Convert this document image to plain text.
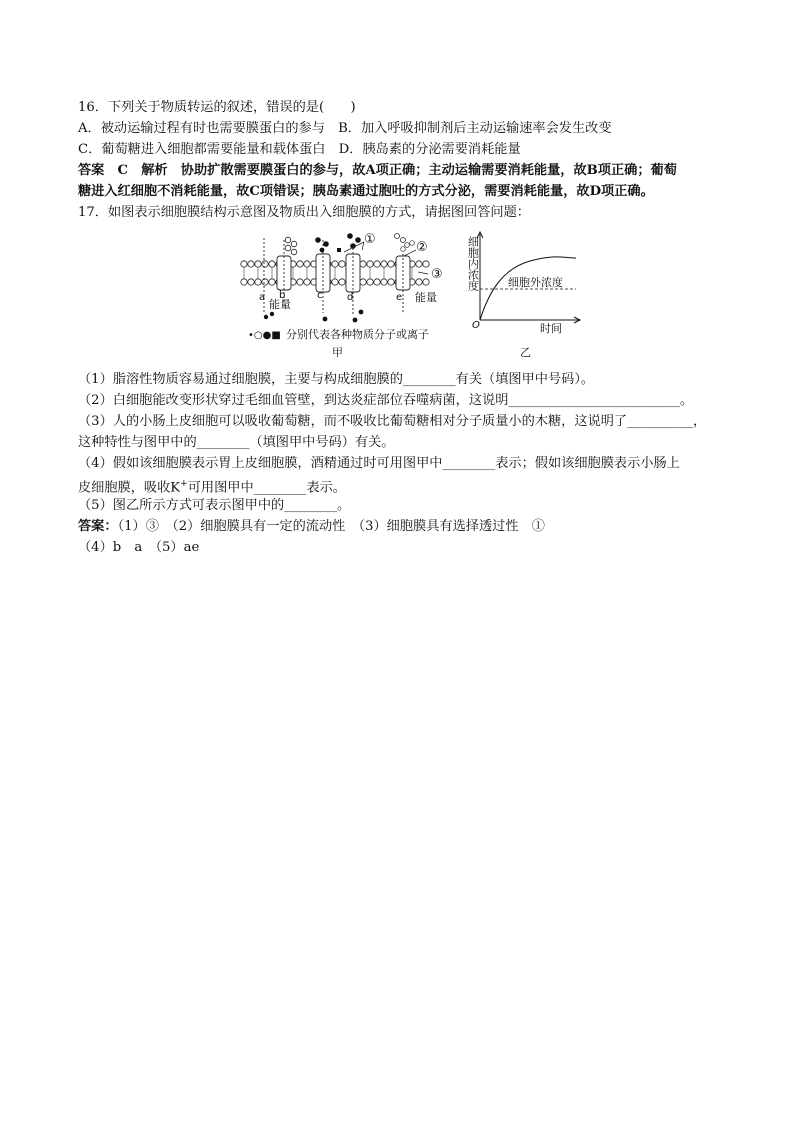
16．下列关于物质转运的叙述，错误的是(　　)
A．被动运输过程有时也需要膜蛋白的参与　B．加入呼吸抑制剂后主动运输速率会发生改变
C．葡萄糖进入细胞都需要能量和载体蛋白　D．胰岛素的分泌需要消耗能量
答案　C　解析　协助扩散需要膜蛋白的参与，故A项正确；主动运输需要消耗能量，故B项正确；葡萄
糖进入红细胞不消耗能量，故C项错误；胰岛素通过胞吐的方式分泌，需要消耗能量，故D项正确。
17．如图表示细胞膜结构示意图及物质出入细胞膜的方式，请据图回答问题：
①
②
③
a b	c d	e
能量
能量
•○●■ 分别代表各种物质分子或离子
甲
细胞内浓度	细胞外浓度
O	时间
乙
（1）脂溶性物质容易通过细胞膜，主要与构成细胞膜的________有关（填图甲中号码）。
（2）白细胞能改变形状穿过毛细血管壁，到达炎症部位吞噬病菌，这说明__________________________。
（3）人的小肠上皮细胞可以吸收葡萄糖，而不吸收比葡萄糖相对分子质量小的木糖，这说明了__________，
这种特性与图甲中的________（填图甲中号码）有关。
（4）假如该细胞膜表示胃上皮细胞膜，酒精通过时可用图甲中________表示；假如该细胞膜表示小肠上
皮细胞膜，吸收K+可用图甲中________表示。
（5）图乙所示方式可表示图甲中的________。
答案：（1）③　（2）细胞膜具有一定的流动性　（3）细胞膜具有选择透过性　①
（4）b　a　（5）ae
